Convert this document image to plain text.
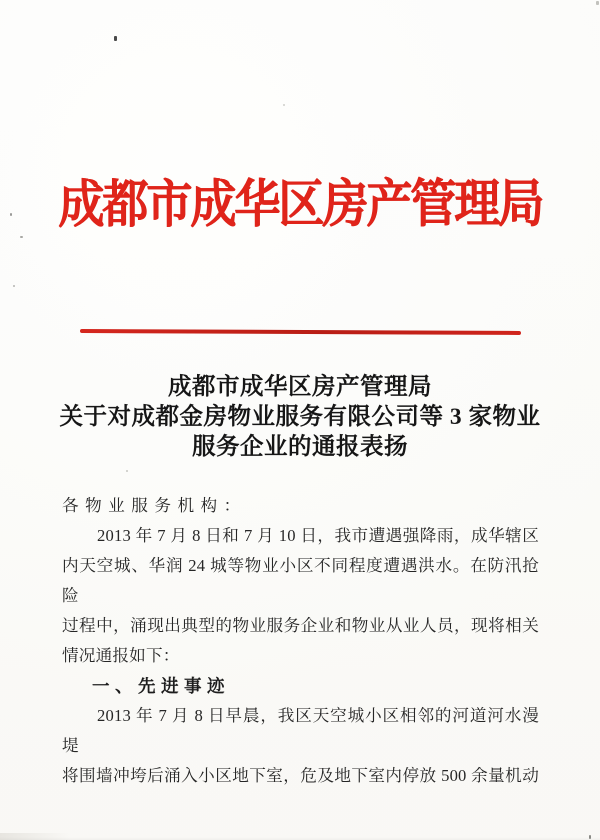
成都市成华区房产管理局
成都市成华区房产管理局
关于对成都金房物业服务有限公司等 3 家物业
服务企业的通报表扬
各物业服务机构：
2013 年 7 月 8 日和 7 月 10 日，我市遭遇强降雨，成华辖区
内天空城、华润 24 城等物业小区不同程度遭遇洪水。在防汛抢险
过程中，涌现出典型的物业服务企业和物业从业人员，现将相关
情况通报如下：
一、先进事迹
2013 年 7 月 8 日早晨，我区天空城小区相邻的河道河水漫堤
将围墙冲垮后涌入小区地下室，危及地下室内停放 500 余量机动
